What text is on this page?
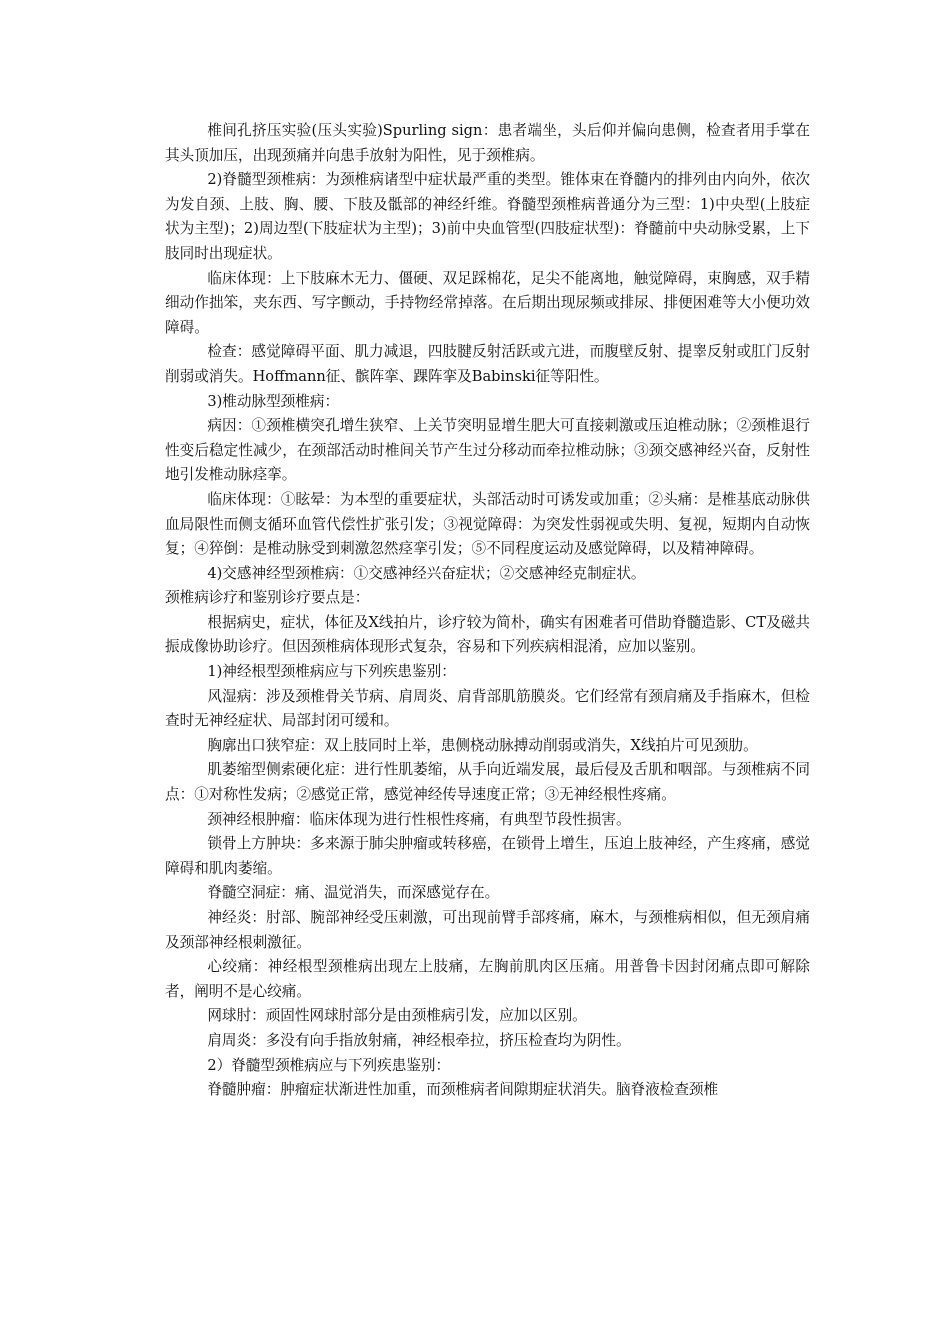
椎间孔挤压实验(压头实验)Spurling sign：患者端坐，头后仰并偏向患侧，检查者用手掌在其头顶加压，出现颈痛并向患手放射为阳性，见于颈椎病。

2)脊髓型颈椎病：为颈椎病诸型中症状最严重的类型。锥体束在脊髓内的排列由内向外，依次为发自颈、上肢、胸、腰、下肢及骶部的神经纤维。脊髓型颈椎病普通分为三型：1)中央型(上肢症状为主型)；2)周边型(下肢症状为主型)；3)前中央血管型(四肢症状型)：脊髓前中央动脉受累，上下肢同时出现症状。

临床体现：上下肢麻木无力、僵硬、双足踩棉花，足尖不能离地，触觉障碍，束胸感，双手精细动作拙笨，夹东西、写字颤动，手持物经常掉落。在后期出现尿频或排尿、排便困难等大小便功效障碍。

检查：感觉障碍平面、肌力减退，四肢腱反射活跃或亢进，而腹壁反射、提睾反射或肛门反射削弱或消失。Hoffmann征、髌阵挛、踝阵挛及Babinski征等阳性。

3)椎动脉型颈椎病：

病因：①颈椎横突孔增生狭窄、上关节突明显增生肥大可直接刺激或压迫椎动脉；②颈椎退行性变后稳定性减少，在颈部活动时椎间关节产生过分移动而牵拉椎动脉；③颈交感神经兴奋，反射性地引发椎动脉痉挛。

临床体现：①眩晕：为本型的重要症状，头部活动时可诱发或加重；②头痛：是椎基底动脉供血局限性而侧支循环血管代偿性扩张引发；③视觉障碍：为突发性弱视或失明、复视，短期内自动恢复；④猝倒：是椎动脉受到刺激忽然痉挛引发；⑤不同程度运动及感觉障碍，以及精神障碍。

4)交感神经型颈椎病：①交感神经兴奋症状；②交感神经克制症状。

颈椎病诊疗和鉴别诊疗要点是：

根据病史，症状，体征及X线拍片，诊疗较为简朴，确实有困难者可借助脊髓造影、CT及磁共振成像协助诊疗。但因颈椎病体现形式复杂，容易和下列疾病相混淆，应加以鉴别。

1)神经根型颈椎病应与下列疾患鉴别：

风湿病：涉及颈椎骨关节病、肩周炎、肩背部肌筋膜炎。它们经常有颈肩痛及手指麻木，但检查时无神经症状、局部封闭可缓和。

胸廓出口狭窄症：双上肢同时上举，患侧桡动脉搏动削弱或消失，X线拍片可见颈肋。

肌萎缩型侧索硬化症：进行性肌萎缩，从手向近端发展，最后侵及舌肌和咽部。与颈椎病不同点：①对称性发病；②感觉正常，感觉神经传导速度正常；③无神经根性疼痛。

颈神经根肿瘤：临床体现为进行性根性疼痛，有典型节段性损害。

锁骨上方肿块：多来源于肺尖肿瘤或转移癌，在锁骨上增生，压迫上肢神经，产生疼痛，感觉障碍和肌肉萎缩。

脊髓空洞症：痛、温觉消失，而深感觉存在。

神经炎：肘部、腕部神经受压刺激，可出现前臂手部疼痛，麻木，与颈椎病相似，但无颈肩痛及颈部神经根刺激征。

心绞痛：神经根型颈椎病出现左上肢痛，左胸前肌肉区压痛。用普鲁卡因封闭痛点即可解除者，阐明不是心绞痛。

网球肘：顽固性网球肘部分是由颈椎病引发，应加以区别。

肩周炎：多没有向手指放射痛，神经根牵拉，挤压检查均为阴性。

2）脊髓型颈椎病应与下列疾患鉴别：

脊髓肿瘤：肿瘤症状渐进性加重，而颈椎病者间隙期症状消失。脑脊液检查颈椎
